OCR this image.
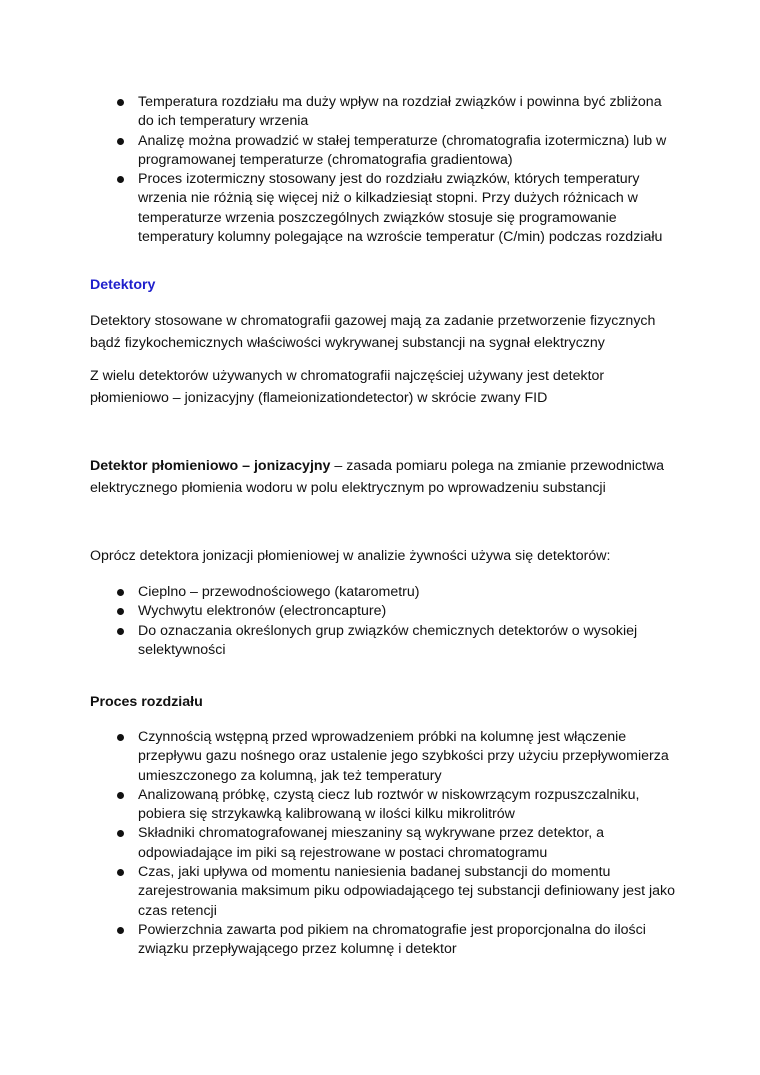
Temperatura rozdziału ma duży wpływ na rozdział związków i powinna być zbliżona do ich temperatury wrzenia
Analizę można prowadzić w stałej temperaturze (chromatografia izotermiczna) lub w programowanej temperaturze (chromatografia gradientowa)
Proces izotermiczny stosowany jest do rozdziału związków, których temperatury wrzenia nie różnią się więcej niż o kilkadziesiąt stopni. Przy dużych różnicach w temperaturze wrzenia poszczególnych związków stosuje się programowanie temperatury kolumny polegające na wzroście temperatur (C/min) podczas rozdziału

Detektory

Detektory stosowane w chromatografii gazowej mają za zadanie przetworzenie fizycznych bądź fizykochemicznych właściwości wykrywanej substancji na sygnał elektryczny

Z wielu detektorów używanych w chromatografii najczęściej używany jest detektor płomieniowo – jonizacyjny (flameionizationdetector) w skrócie zwany FID

Detektor płomieniowo – jonizacyjny – zasada pomiaru polega na zmianie przewodnictwa elektrycznego płomienia wodoru w polu elektrycznym po wprowadzeniu substancji

Oprócz detektora jonizacji płomieniowej w analizie żywności używa się detektorów:

Cieplno – przewodnościowego (katarometru)
Wychwytu elektronów (electroncapture)
Do oznaczania określonych grup związków chemicznych detektorów o wysokiej selektywności

Proces rozdziału

Czynnością wstępną przed wprowadzeniem próbki na kolumnę jest włączenie przepływu gazu nośnego oraz ustalenie jego szybkości przy użyciu przepływomierza umieszczonego za kolumną, jak też temperatury
Analizowaną próbkę, czystą ciecz lub roztwór w niskowrzącym rozpuszczalniku, pobiera się strzykawką kalibrowaną w ilości kilku mikrolitrów
Składniki chromatografowanej mieszaniny są wykrywane przez detektor, a odpowiadające im piki są rejestrowane w postaci chromatogramu
Czas, jaki upływa od momentu naniesienia badanej substancji do momentu zarejestrowania maksimum piku odpowiadającego tej substancji definiowany jest jako czas retencji
Powierzchnia zawarta pod pikiem na chromatografie jest proporcjonalna do ilości związku przepływającego przez kolumnę i detektor
